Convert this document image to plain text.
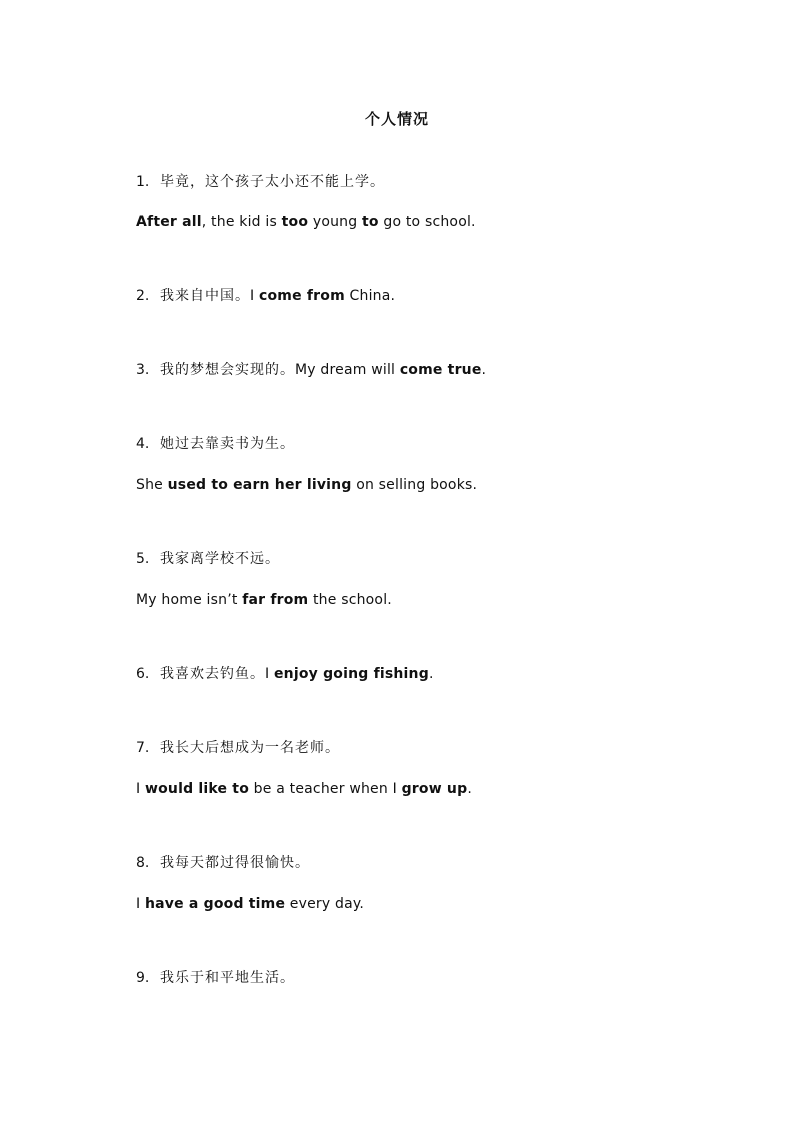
个人情况
1. 毕竟，这个孩子太小还不能上学。
After all, the kid is too young to go to school.
2. 我来自中国。I come from China.
3. 我的梦想会实现的。My dream will come true.
4. 她过去靠卖书为生。
She used to earn her living on selling books.
5. 我家离学校不远。
My home isn’t far from the school.
6. 我喜欢去钓鱼。I enjoy going fishing.
7. 我长大后想成为一名老师。
I would like to be a teacher when I grow up.
8. 我每天都过得很愉快。
I have a good time every day.
9. 我乐于和平地生活。
